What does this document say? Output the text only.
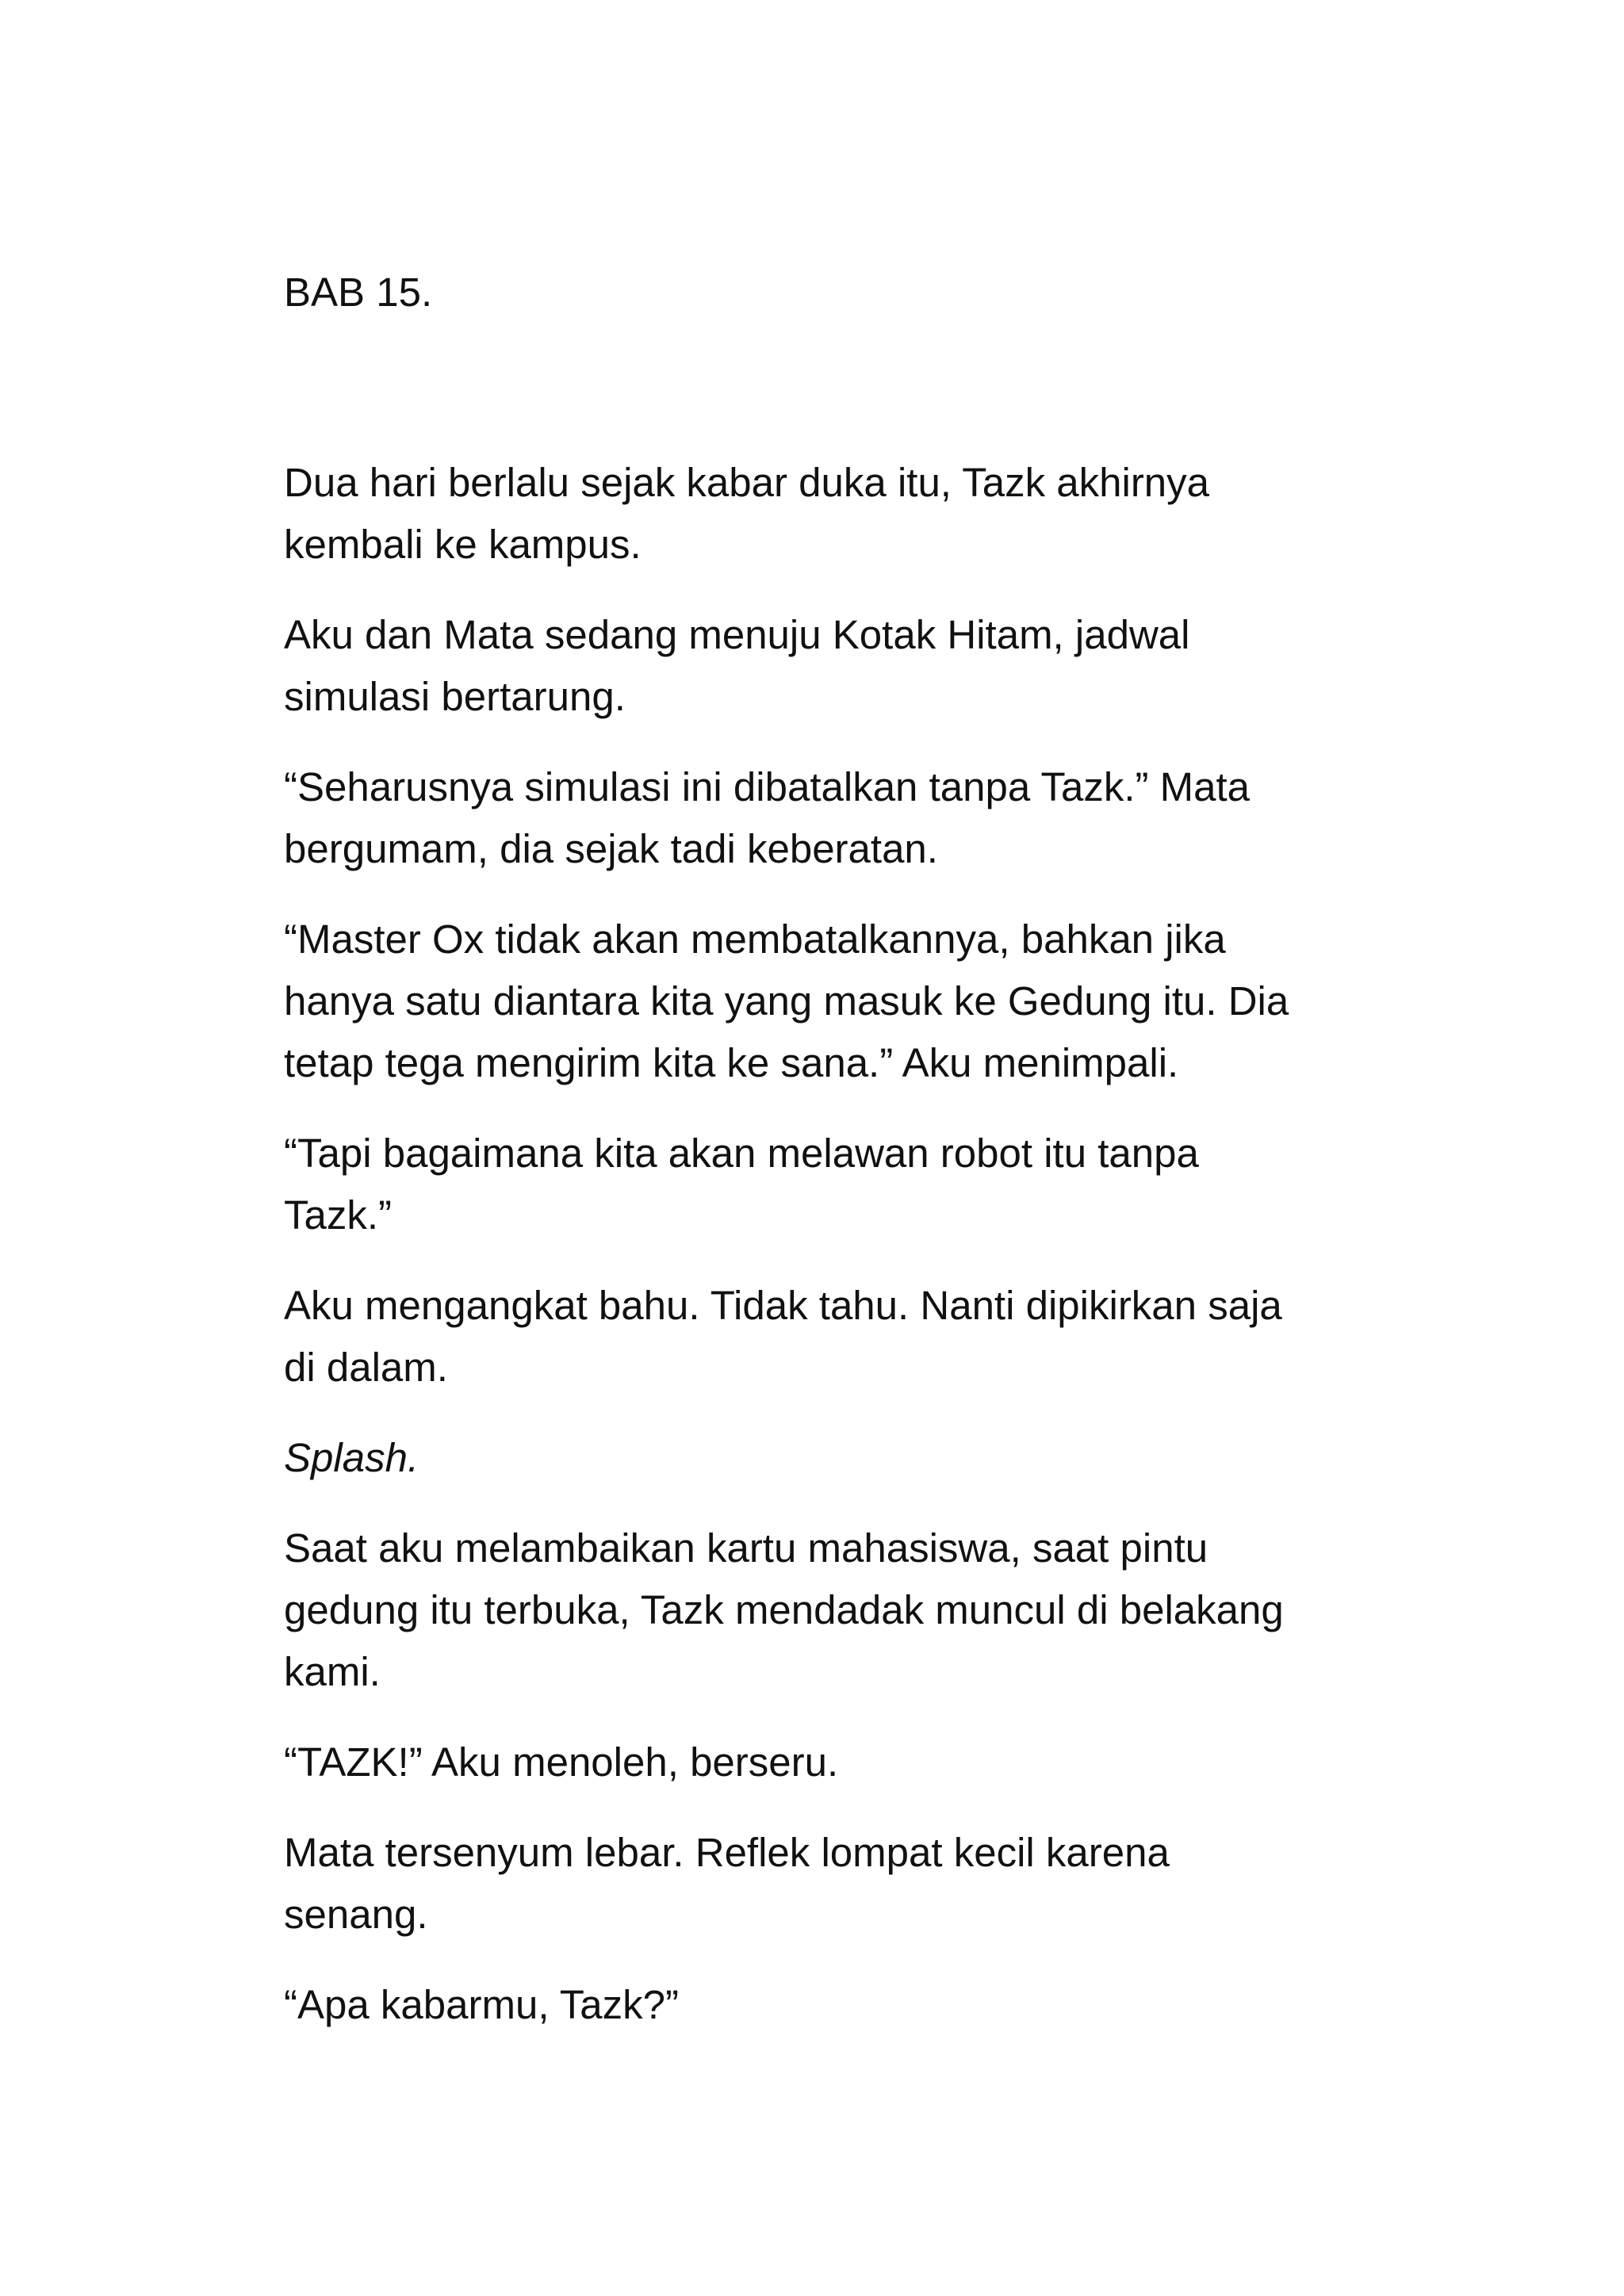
BAB 15.

Dua hari berlalu sejak kabar duka itu, Tazk akhirnya
kembali ke kampus.

Aku dan Mata sedang menuju Kotak Hitam, jadwal
simulasi bertarung.

“Seharusnya simulasi ini dibatalkan tanpa Tazk.” Mata
bergumam, dia sejak tadi keberatan.

“Master Ox tidak akan membatalkannya, bahkan jika
hanya satu diantara kita yang masuk ke Gedung itu. Dia
tetap tega mengirim kita ke sana.” Aku menimpali.

“Tapi bagaimana kita akan melawan robot itu tanpa
Tazk.”

Aku mengangkat bahu. Tidak tahu. Nanti dipikirkan saja
di dalam.

Splash.

Saat aku melambaikan kartu mahasiswa, saat pintu
gedung itu terbuka, Tazk mendadak muncul di belakang
kami.

“TAZK!” Aku menoleh, berseru.

Mata tersenyum lebar. Reflek lompat kecil karena
senang.

“Apa kabarmu, Tazk?”
